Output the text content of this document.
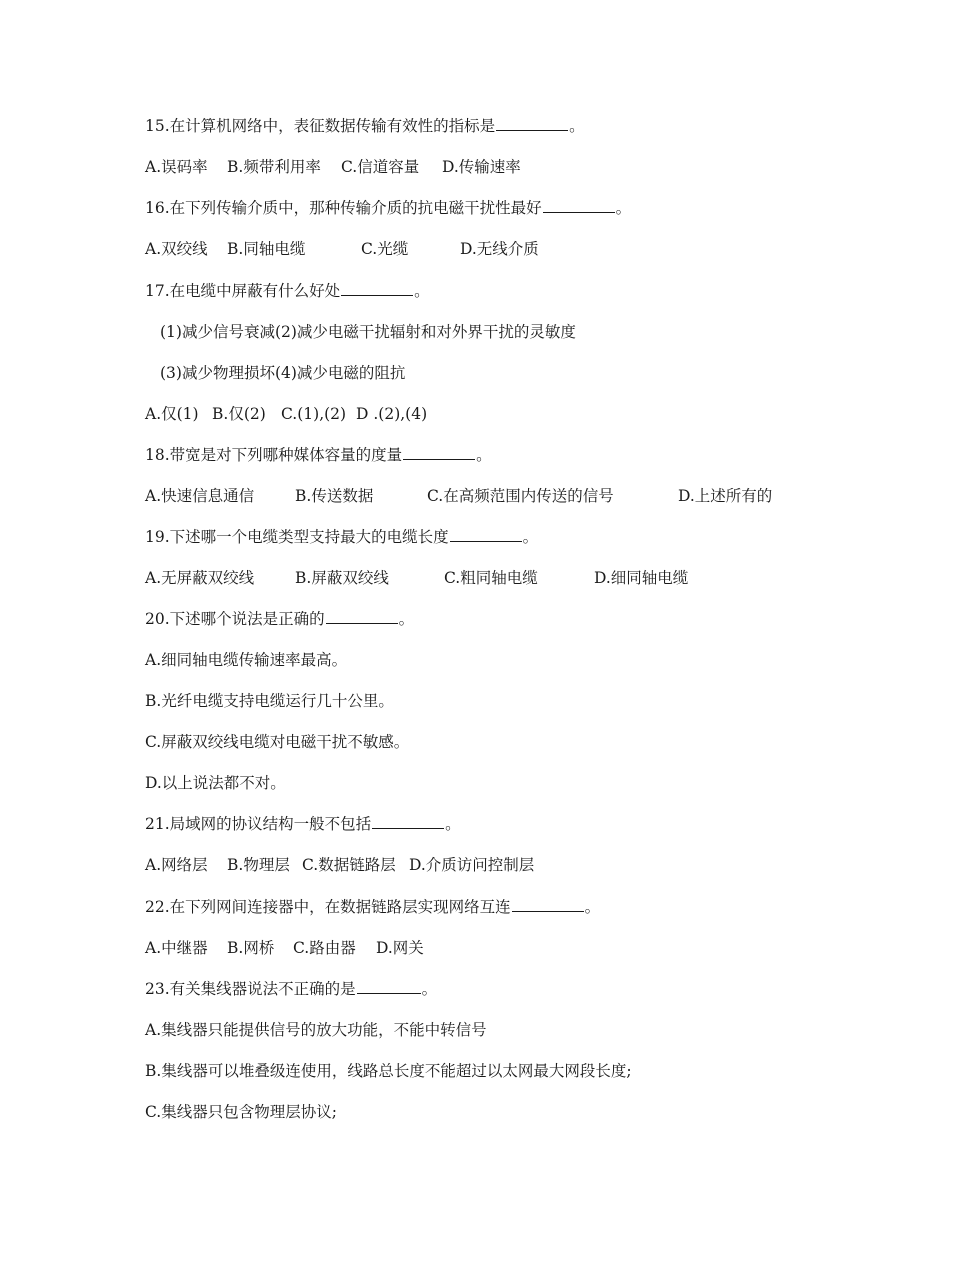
15.在计算机网络中，表征数据传输有效性的指标是	。
A.误码率 B.频带利用率 C.信道容量 D.传输速率
16.在下列传输介质中，那种传输介质的抗电磁干扰性最好	。
A.双绞线 B.同轴电缆	C.光缆	D.无线介质
17.在电缆中屏蔽有什么好处	。
(1)减少信号衰减(2)减少电磁干扰辐射和对外界干扰的灵敏度
(3)减少物理损坏(4)减少电磁的阻抗
A.仅(1) B.仅(2) C.(1),(2) D .(2),(4)
18.带宽是对下列哪种媒体容量的度量	。
A.快速信息通信	B.传送数据	C.在高频范围内传送的信号	D.上述所有的
19.下述哪一个电缆类型支持最大的电缆长度	。
A.无屏蔽双绞线	B.屏蔽双绞线	C.粗同轴电缆	D.细同轴电缆
20.下述哪个说法是正确的	。
A.细同轴电缆传输速率最高。
B.光纤电缆支持电缆运行几十公里。
C.屏蔽双绞线电缆对电磁干扰不敏感。
D.以上说法都不对。
21.局域网的协议结构一般不包括	。
A.网络层 B.物理层 C.数据链路层 D.介质访问控制层
22.在下列网间连接器中，在数据链路层实现网络互连	。
A.中继器 B.网桥 C.路由器 D.网关
23.有关集线器说法不正确的是	。
A.集线器只能提供信号的放大功能，不能中转信号
B.集线器可以堆叠级连使用，线路总长度不能超过以太网最大网段长度;
C.集线器只包含物理层协议;
